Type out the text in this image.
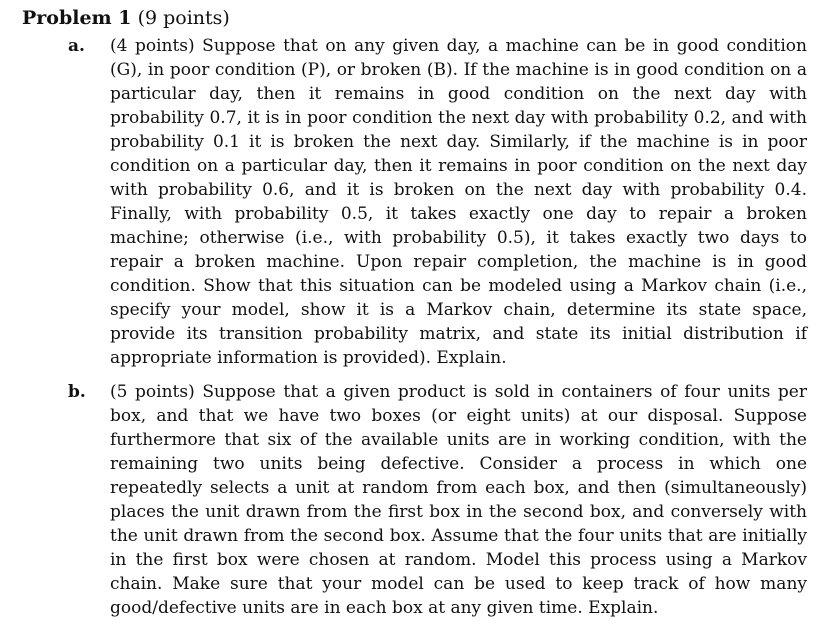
Problem 1 (9 points)
a. (4 points) Suppose that on any given day, a machine can be in good condition (G), in poor condition (P), or broken (B). If the machine is in good condition on a particular day, then it remains in good condition on the next day with probability 0.7, it is in poor condition the next day with probability 0.2, and with probability 0.1 it is broken the next day. Similarly, if the machine is in poor condition on a particular day, then it remains in poor condition on the next day with probability 0.6, and it is broken on the next day with probability 0.4. Finally, with probability 0.5, it takes exactly one day to repair a broken machine; otherwise (i.e., with probability 0.5), it takes exactly two days to repair a broken machine. Upon repair completion, the machine is in good condition. Show that this situation can be modeled using a Markov chain (i.e., specify your model, show it is a Markov chain, determine its state space, provide its transition probability matrix, and state its initial distribution if appropriate information is provided). Explain.
b. (5 points) Suppose that a given product is sold in containers of four units per box, and that we have two boxes (or eight units) at our disposal. Suppose furthermore that six of the available units are in working condition, with the remaining two units being defective. Consider a process in which one repeatedly selects a unit at random from each box, and then (simultaneously) places the unit drawn from the first box in the second box, and conversely with the unit drawn from the second box. Assume that the four units that are initially in the first box were chosen at random. Model this process using a Markov chain. Make sure that your model can be used to keep track of how many good/defective units are in each box at any given time. Explain.
